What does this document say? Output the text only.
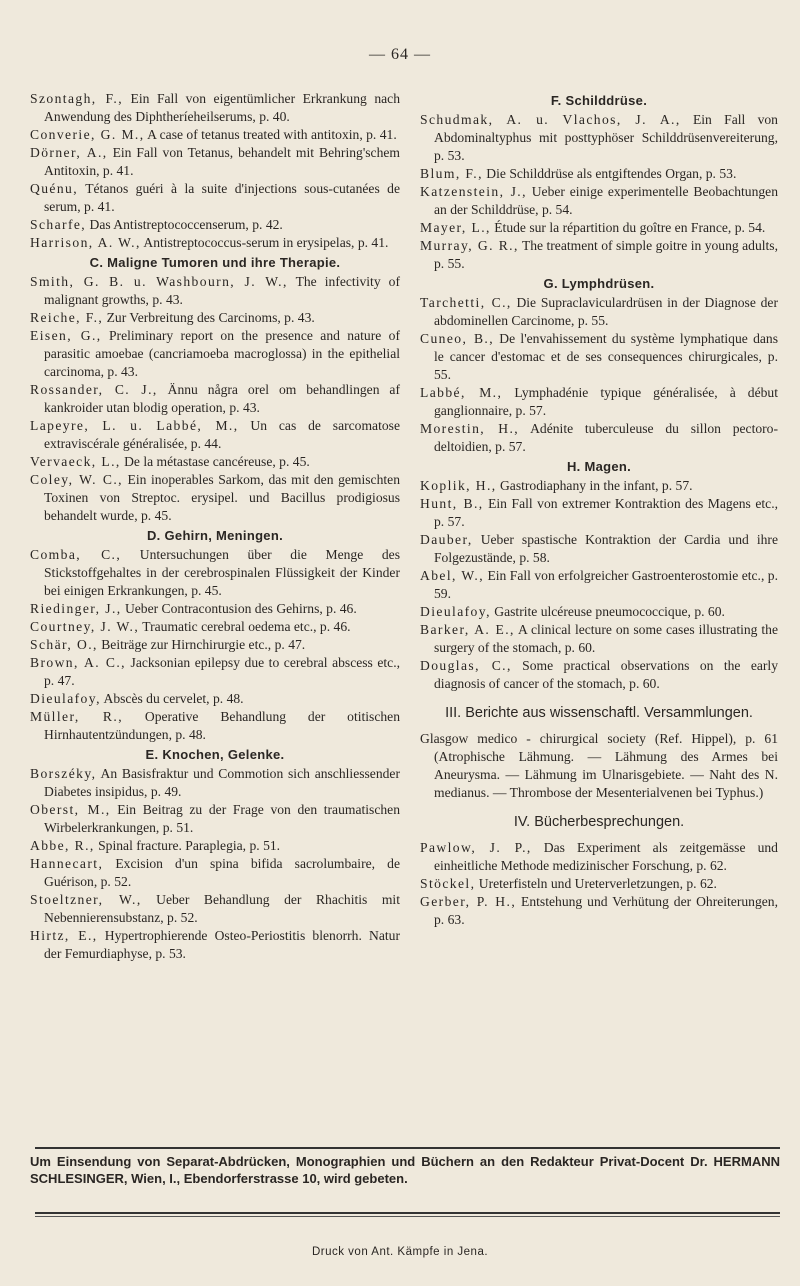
— 64 —

Szontagh, F., Ein Fall von eigentümlicher Erkrankung nach Anwendung des Diphtheríeheilserums, p. 40.

Converie, G. M., A case of tetanus treated with antitoxin, p. 41.

Dörner, A., Ein Fall von Tetanus, behandelt mit Behring'schem Antitoxin, p. 41.

Quénu, Tétanos guéri à la suite d'injections sous-cutanées de serum, p. 41.

Scharfe, Das Antistreptococcenserum, p. 42.

Harrison, A. W., Antistreptococcus-serum in erysipelas, p. 41.

C. Maligne Tumoren und ihre Therapie.

Smith, G. B. u. Washbourn, J. W., The infectivity of malignant growths, p. 43.

Reiche, F., Zur Verbreitung des Carcinoms, p. 43.

Eisen, G., Preliminary report on the presence and nature of parasitic amoebae (cancriamoeba macroglossa) in the epithelial carcinoma, p. 43.

Rossander, C. J., Ännu några orel om behandlingen af kankroider utan blodig operation, p. 43.

Lapeyre, L. u. Labbé, M., Un cas de sarcomatose extraviscérale généralisée, p. 44.

Vervaeck, L., De la métastase cancéreuse, p. 45.

Coley, W. C., Ein inoperables Sarkom, das mit den gemischten Toxinen von Streptoc. erysipel. und Bacillus prodigiosus behandelt wurde, p. 45.

D. Gehirn, Meningen.

Comba, C., Untersuchungen über die Menge des Stickstoffgehaltes in der cerebrospinalen Flüssigkeit der Kinder bei einigen Erkrankungen, p. 45.

Riedinger, J., Ueber Contracontusion des Gehirns, p. 46.

Courtney, J. W., Traumatic cerebral oedema etc., p. 46.

Schär, O., Beiträge zur Hirnchirurgie etc., p. 47.

Brown, A. C., Jacksonian epilepsy due to cerebral abscess etc., p. 47.

Dieulafoy, Abscès du cervelet, p. 48.

Müller, R., Operative Behandlung der otitischen Hirnhautentzündungen, p. 48.

E. Knochen, Gelenke.

Borszéky, An Basisfraktur und Commotion sich anschliessender Diabetes insipidus, p. 49.

Oberst, M., Ein Beitrag zu der Frage von den traumatischen Wirbelerkrankungen, p. 51.

Abbe, R., Spinal fracture. Paraplegia, p. 51.

Hannecart, Excision d'un spina bifida sacrolumbaire, de Guérison, p. 52.

Stoeltzner, W., Ueber Behandlung der Rhachitis mit Nebennierensubstanz, p. 52.

Hirtz, E., Hypertrophierende Osteo-Periostitis blenorrh. Natur der Femurdiaphyse, p. 53.

F. Schilddrüse.

Schudmak, A. u. Vlachos, J. A., Ein Fall von Abdominaltyphus mit posttyphöser Schilddrüsenvereiterung, p. 53.

Blum, F., Die Schilddrüse als entgiftendes Organ, p. 53.

Katzenstein, J., Ueber einige experimentelle Beobachtungen an der Schilddrüse, p. 54.

Mayer, L., Étude sur la répartition du goître en France, p. 54.

Murray, G. R., The treatment of simple goitre in young adults, p. 55.

G. Lymphdrüsen.

Tarchetti, C., Die Supraclaviculardrüsen in der Diagnose der abdominellen Carcinome, p. 55.

Cuneo, B., De l'envahissement du système lymphatique dans le cancer d'estomac et de ses consequences chirurgicales, p. 55.

Labbé, M., Lymphadénie typique généralisée, à début ganglionnaire, p. 57.

Morestin, H., Adénite tuberculeuse du sillon pectoro-deltoidien, p. 57.

H. Magen.

Koplik, H., Gastrodiaphany in the infant, p. 57.

Hunt, B., Ein Fall von extremer Kontraktion des Magens etc., p. 57.

Dauber, Ueber spastische Kontraktion der Cardia und ihre Folgezustände, p. 58.

Abel, W., Ein Fall von erfolgreicher Gastroenterostomie etc., p. 59.

Dieulafoy, Gastrite ulcéreuse pneumococcique, p. 60.

Barker, A. E., A clinical lecture on some cases illustrating the surgery of the stomach, p. 60.

Douglas, C., Some practical observations on the early diagnosis of cancer of the stomach, p. 60.

III. Berichte aus wissenschaftl. Versammlungen.

Glasgow medico - chirurgical society (Ref. Hippel), p. 61 (Atrophische Lähmung. — Lähmung des Armes bei Aneurysma. — Lähmung im Ulnarisgebiete. — Naht des N. medianus. — Thrombose der Mesenterialvenen bei Typhus.)

IV. Bücherbesprechungen.

Pawlow, J. P., Das Experiment als zeitgemässe und einheitliche Methode medizinischer Forschung, p. 62.

Stöckel, Ureterfisteln und Ureterverletzungen, p. 62.

Gerber, P. H., Entstehung und Verhütung der Ohreiterungen, p. 63.

Um Einsendung von Separat-Abdrücken, Monographien und Büchern an den Redakteur Privat-Docent Dr. HERMANN SCHLESINGER, Wien, I., Ebendorferstrasse 10, wird gebeten.
Druck von Ant. Kämpfe in Jena.
